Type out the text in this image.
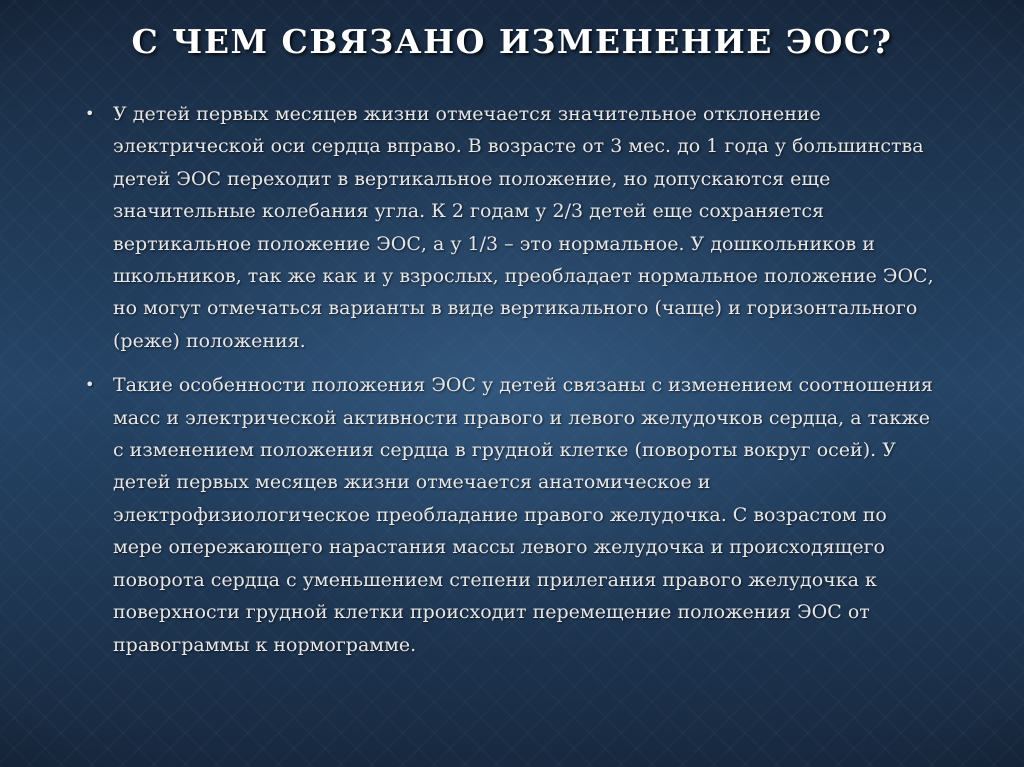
С ЧЕМ СВЯЗАНО ИЗМЕНЕНИЕ ЭОС?
• У детей первых месяцев жизни отмечается значительное отклонение электрической оси сердца вправо. В возрасте от 3 мес. до 1 года у большинства детей ЭОС переходит в вертикальное положение, но допускаются еще значительные колебания угла. К 2 годам у 2/3 детей еще сохраняется вертикальное положение ЭОС, а у 1/3 – это нормальное. У дошкольников и школьников, так же как и у взрослых, преобладает нормальное положение ЭОС, но могут отмечаться варианты в виде вертикального (чаще) и горизонтального (реже) положения.
• Такие особенности положения ЭОС у детей связаны с изменением соотношения масс и электрической активности правого и левого желудочков сердца, а также с изменением положения сердца в грудной клетке (повороты вокруг осей). У детей первых месяцев жизни отмечается анатомическое и электрофизиологическое преобладание правого желудочка. С возрастом по мере опережающего нарастания массы левого желудочка и происходящего поворота сердца с уменьшением степени прилегания правого желудочка к поверхности грудной клетки происходит перемещение положения ЭОС от правограммы к нормограмме.
